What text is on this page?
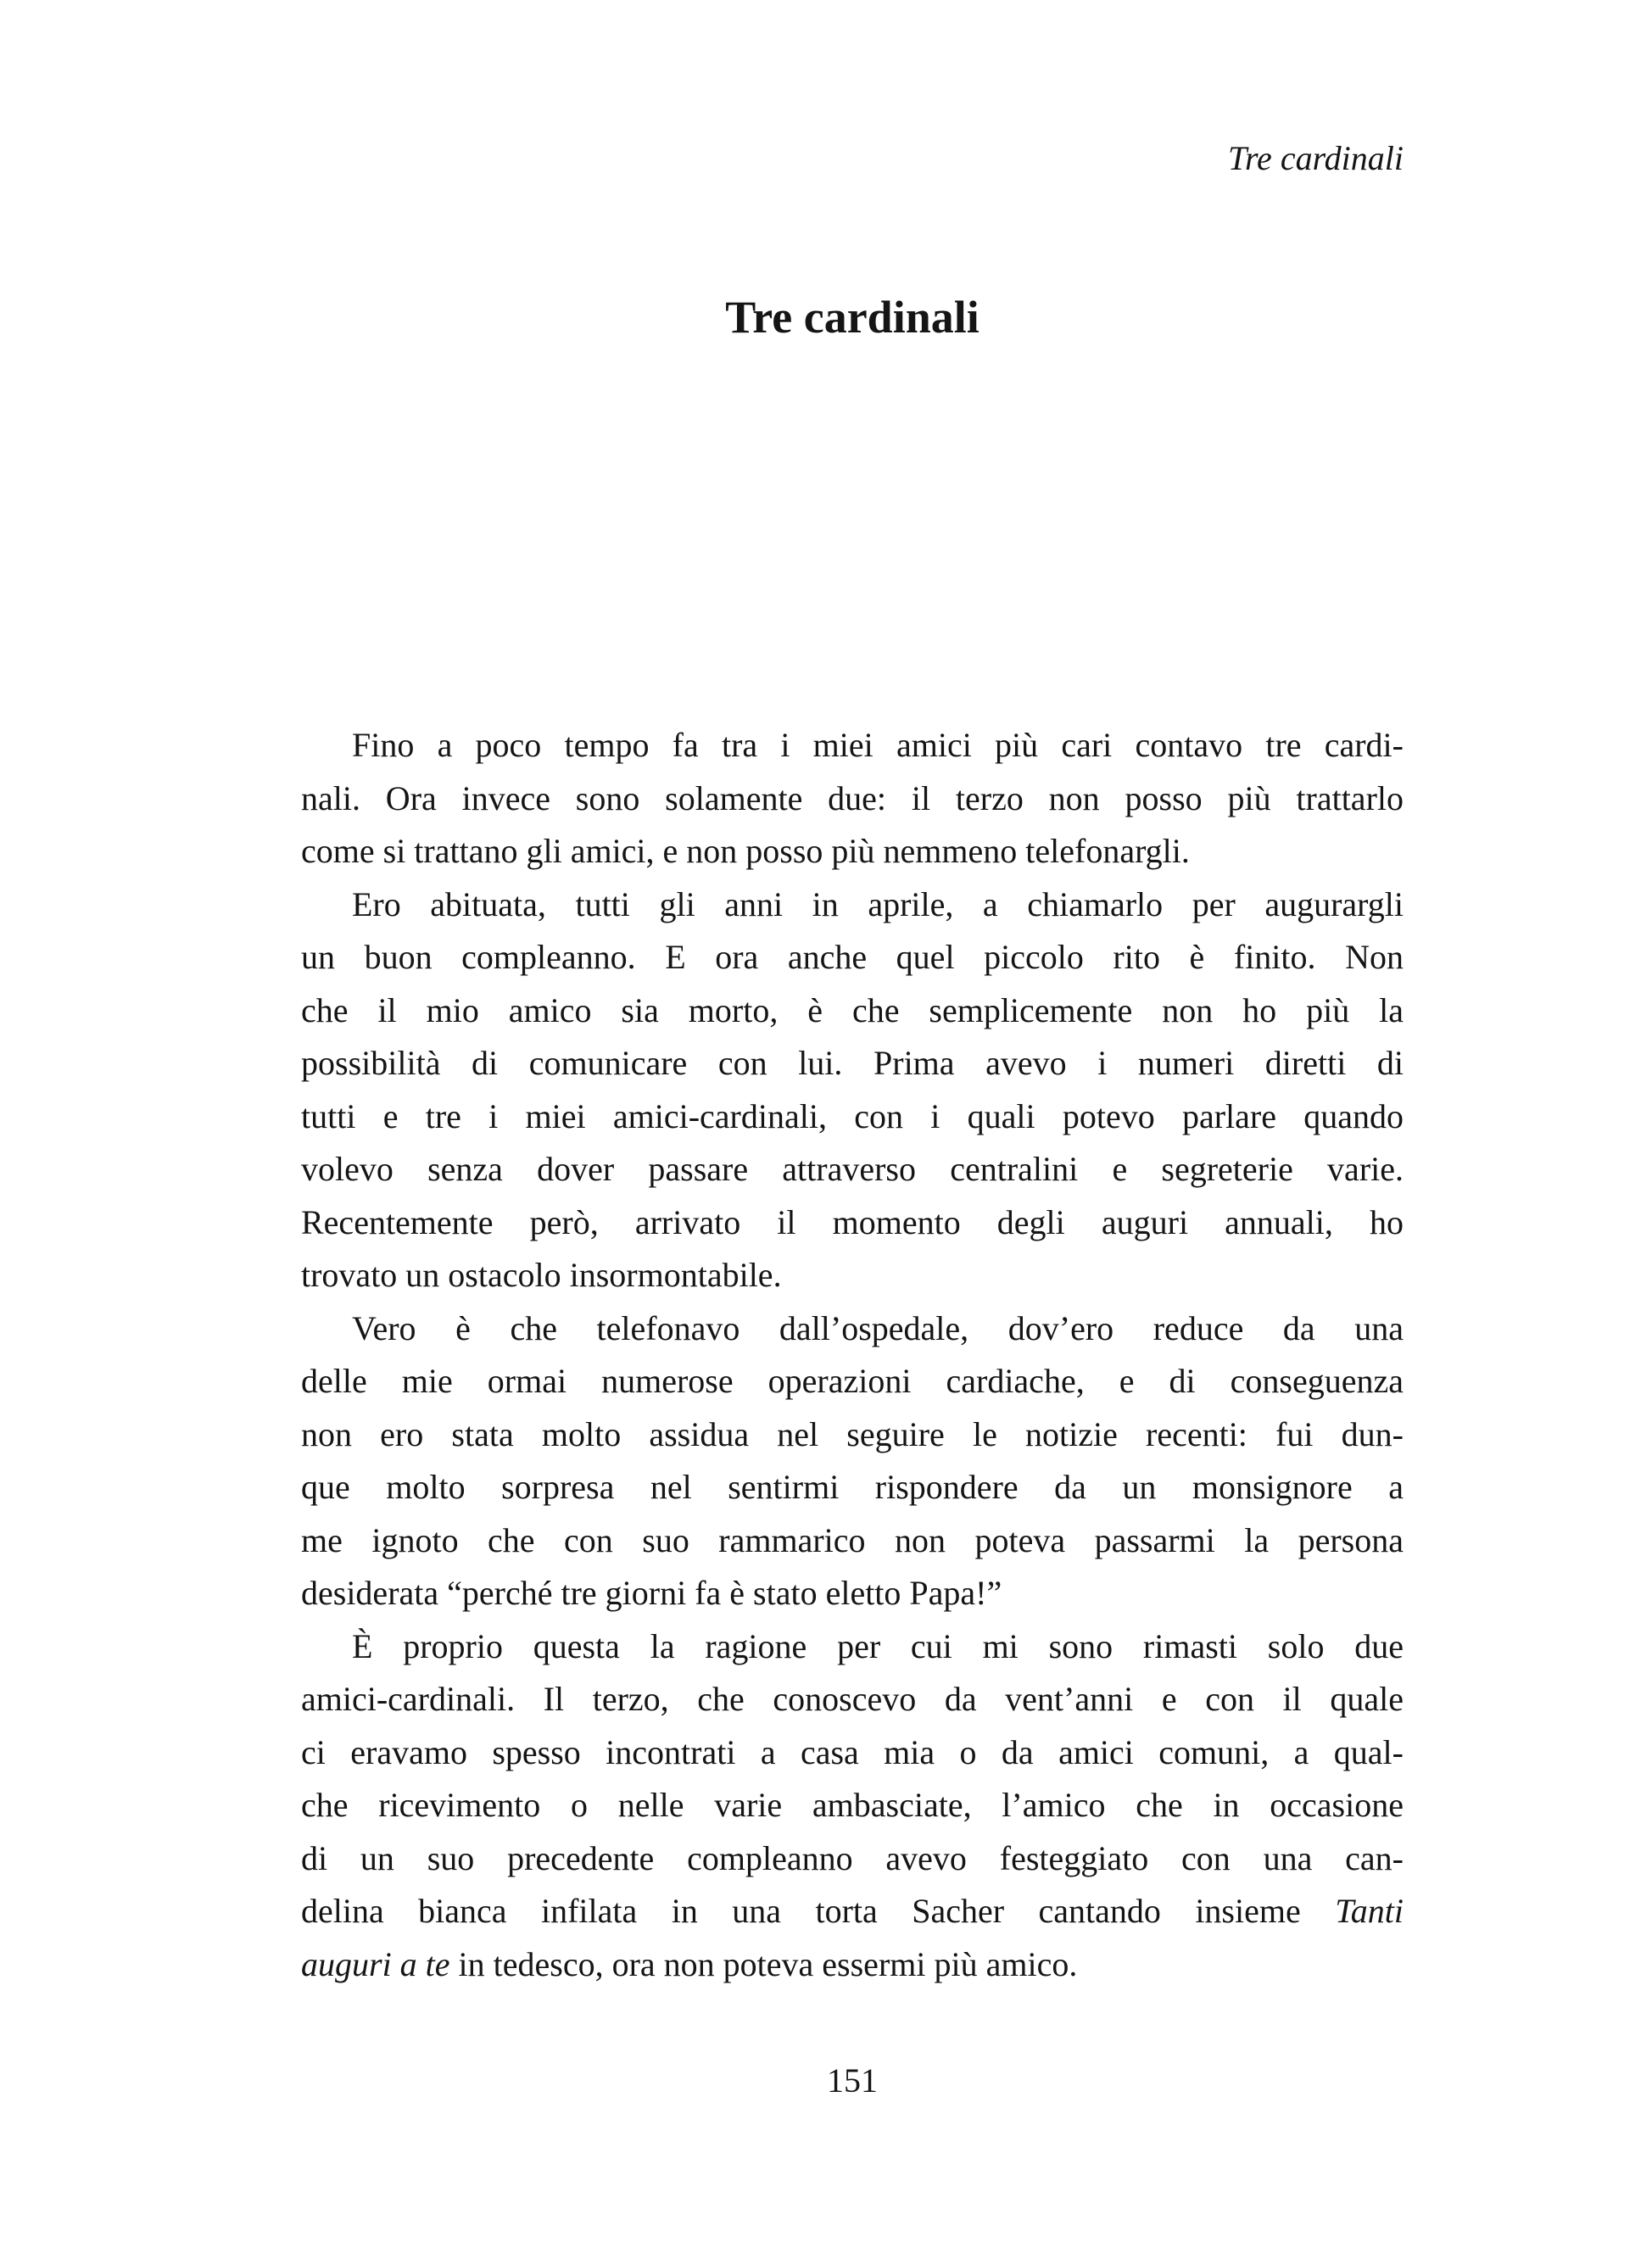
Tre cardinali
Tre cardinali
Fino a poco tempo fa tra i miei amici più cari contavo tre cardi-
nali. Ora invece sono solamente due: il terzo non posso più trattarlo
come si trattano gli amici, e non posso più nemmeno telefonargli.
Ero abituata, tutti gli anni in aprile, a chiamarlo per augurargli
un buon compleanno. E ora anche quel piccolo rito è finito. Non
che il mio amico sia morto, è che semplicemente non ho più la
possibilità di comunicare con lui. Prima avevo i numeri diretti di
tutti e tre i miei amici-cardinali, con i quali potevo parlare quando
volevo senza dover passare attraverso centralini e segreterie varie.
Recentemente però, arrivato il momento degli auguri annuali, ho
trovato un ostacolo insormontabile.
Vero è che telefonavo dall’ospedale, dov’ero reduce da una
delle mie ormai numerose operazioni cardiache, e di conseguenza
non ero stata molto assidua nel seguire le notizie recenti: fui dun-
que molto sorpresa nel sentirmi rispondere da un monsignore a
me ignoto che con suo rammarico non poteva passarmi la persona
desiderata “perché tre giorni fa è stato eletto Papa!”
È proprio questa la ragione per cui mi sono rimasti solo due
amici-cardinali. Il terzo, che conoscevo da vent’anni e con il quale
ci eravamo spesso incontrati a casa mia o da amici comuni, a qual-
che ricevimento o nelle varie ambasciate, l’amico che in occasione
di un suo precedente compleanno avevo festeggiato con una can-
delina bianca infilata in una torta Sacher cantando insieme Tanti
auguri a te in tedesco, ora non poteva essermi più amico.
151
